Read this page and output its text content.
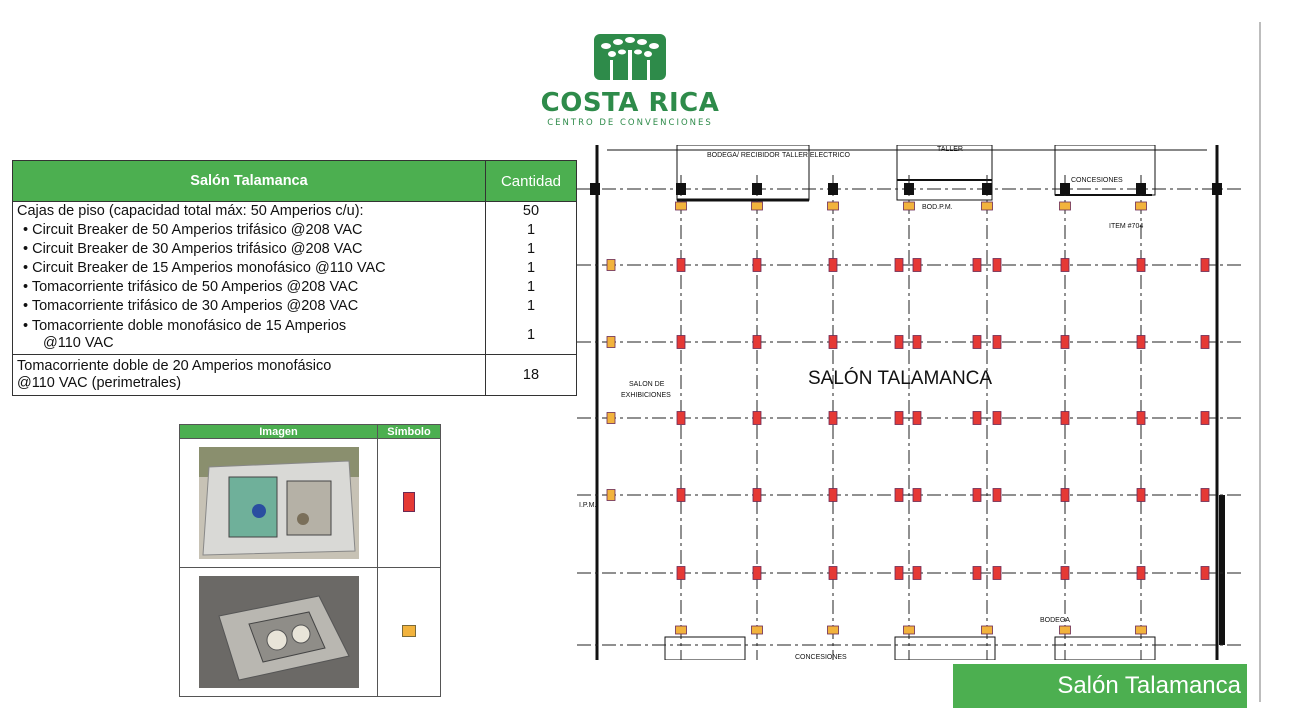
COSTA RICA
CENTRO DE CONVENCIONES
Salón Talamanca	Cantidad
Cajas de piso (capacidad total máx: 50 Amperios c/u):	50
• Circuit Breaker de 50 Amperios trifásico @208 VAC	1
• Circuit Breaker de 30 Amperios trifásico @208 VAC	1
• Circuit Breaker de 15 Amperios monofásico @110 VAC	1
• Tomacorriente trifásico de 50 Amperios @208 VAC	1
• Tomacorriente trifásico de 30 Amperios @208 VAC	1

• Tomacorriente doble monofásico de 15 Amperios
@110 VAC	1

Tomacorriente doble de 20 Amperios monofásico
@110 VAC (perimetrales)	18
Imagen	Símbolo

BODEGA/ RECIBIDOR TALLER ELECTRICO
TALLER
CONCESIONES
BOD.P.M.
ITEM #704
SALON DE
EXHIBICIONES
BODEGA
I.P.M.
CONCESIONES
SALÓN TALAMANCA
Salón Talamanca
